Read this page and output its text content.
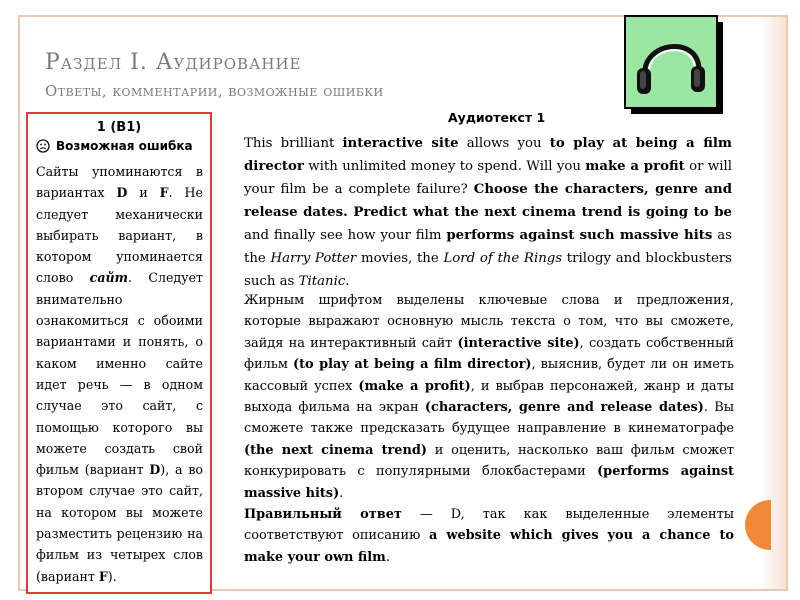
Раздел I. Аудирование
Ответы, комментарии, возможные ошибки
1 (B1)
Возможная ошибка
Сайты упоминаются в вариантах D и F. Не следует механически выбирать вариант, в котором упоминается слово сайт. Следует внимательно ознакомиться с обоими вариантами и понять, о каком именно сайте идет речь — в одном случае это сайт, с помощью которого вы можете создать свой фильм (вариант D), а во втором случае это сайт, на котором вы можете разместить рецензию на фильм из четырех слов (вариант F).
Аудиотекст 1
This brilliant interactive site allows you to play at being a film director with unlimited money to spend. Will you make a profit or will your film be a complete failure? Choose the characters, genre and release dates. Predict what the next cinema trend is going to be and finally see how your film performs against such massive hits as the Harry Potter movies, the Lord of the Rings trilogy and blockbusters such as Titanic.
Жирным шрифтом выделены ключевые слова и предложения, которые выражают основную мысль текста о том, что вы сможете, зайдя на интерактивный сайт (interactive site), создать собственный фильм (to play at being a film director), выяснив, будет ли он иметь кассовый успех (make a profit), и выбрав персонажей, жанр и даты выхода фильма на экран (characters, genre and release dates). Вы сможете также предсказать будущее направление в кинематографе (the next cinema trend) и оценить, насколько ваш фильм сможет конкурировать с популярными блокбастерами (performs against massive hits).
Правильный ответ — D, так как выделенные элементы соответствуют описанию a website which gives you a chance to make your own film.
